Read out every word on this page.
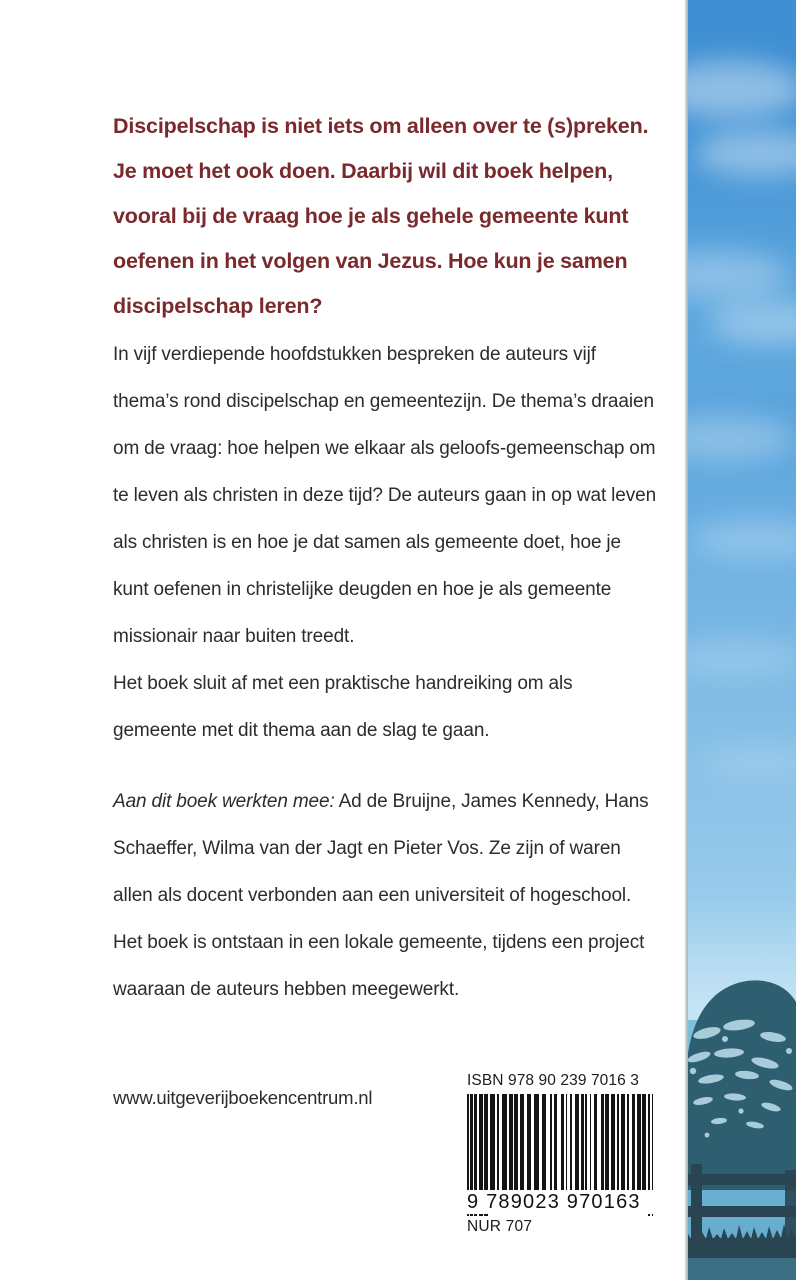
Discipelschap is niet iets om alleen over te (s)preken. Je moet het ook doen. Daarbij wil dit boek helpen, vooral bij de vraag hoe je als gehele gemeente kunt oefenen in het volgen van Jezus. Hoe kun je samen discipelschap leren?
In vijf verdiepende hoofdstukken bespreken de auteurs vijf thema’s rond discipelschap en gemeentezijn. De thema’s draaien om de vraag: hoe helpen we elkaar als geloofs-gemeenschap om te leven als christen in deze tijd? De auteurs gaan in op wat leven als christen is en hoe je dat samen als gemeente doet, hoe je kunt oefenen in christelijke deugden en hoe je als gemeente missionair naar buiten treedt.
Het boek sluit af met een praktische handreiking om als gemeente met dit thema aan de slag te gaan.
Aan dit boek werkten mee: Ad de Bruijne, James Kennedy, Hans Schaeffer, Wilma van der Jagt en Pieter Vos. Ze zijn of waren allen als docent verbonden aan een universiteit of hogeschool. Het boek is ontstaan in een lokale gemeente, tijdens een project waaraan de auteurs hebben meegewerkt.
www.uitgeverijboekencentrum.nl
ISBN 978 90 239 7016 3
9 789023 970163
NUR 707
